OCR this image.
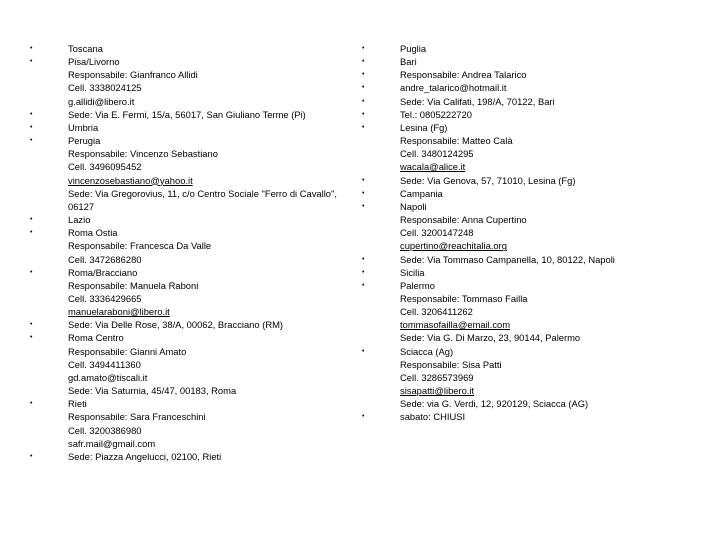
•	Toscana
•	Pisa/Livorno
Responsabile: Gianfranco Allidi
Cell. 3338024125
g.allidi@libero.it
•	Sede: Via E. Fermi, 15/a, 56017, San Giuliano Terme (Pi)
•	Umbria
•	Perugia
Responsabile: Vincenzo Sebastiano
Cell. 3496095452
vincenzosebastiano@yahoo.it
Sede: Via Gregorovius, 11, c/o Centro Sociale "Ferro di Cavallo", 06127
•	Lazio
•	Roma Ostia
Responsabile: Francesca Da Valle
Cell. 3472686280
•	Roma/Bracciano
Responsabile: Manuela Raboni
Cell. 3336429665
manuelaraboni@libero.it
•	Sede: Via Delle Rose, 38/A, 00062, Bracciano (RM)
•	Roma Centro
Responsabile: Gianni Amato
Cell. 3494411360
gd.amato@tiscali.it
Sede: Via Saturnia, 45/47, 00183, Roma
•	Rieti
Responsabile: Sara Franceschini
Cell. 3200386980
safr.mail@gmail.com
•	Sede: Piazza Angelucci, 02100, Rieti
•	Puglia
•	Bari
•	Responsabile: Andrea Talarico
•	andre_talarico@hotmail.it
•	Sede: Via Califati, 198/A, 70122, Bari
•	Tel.: 0805222720
•	Lesina (Fg)
Responsabile: Matteo Calà
Cell. 3480124295
wacala@alice.it
•	Sede: Via Genova, 57, 71010, Lesina (Fg)
•	Campania
•	Napoli
Responsabile: Anna Cupertino
Cell. 3200147248
cupertino@reachitalia.org
•	Sede: Via Tommaso Campanella, 10, 80122, Napoli
•	Sicilia
•	Palermo
Responsabile: Tommaso Failla
Cell. 3206411262
tommasofailla@email.com
Sede: Via G. Di Marzo, 23, 90144, Palermo
•	Sciacca (Ag)
Responsabile: Sisa Patti
Cell. 3286573969
sisapatti@libero.it
Sede: via G. Verdi, 12, 920129, Sciacca (AG)
•	sabato: CHIUSI
